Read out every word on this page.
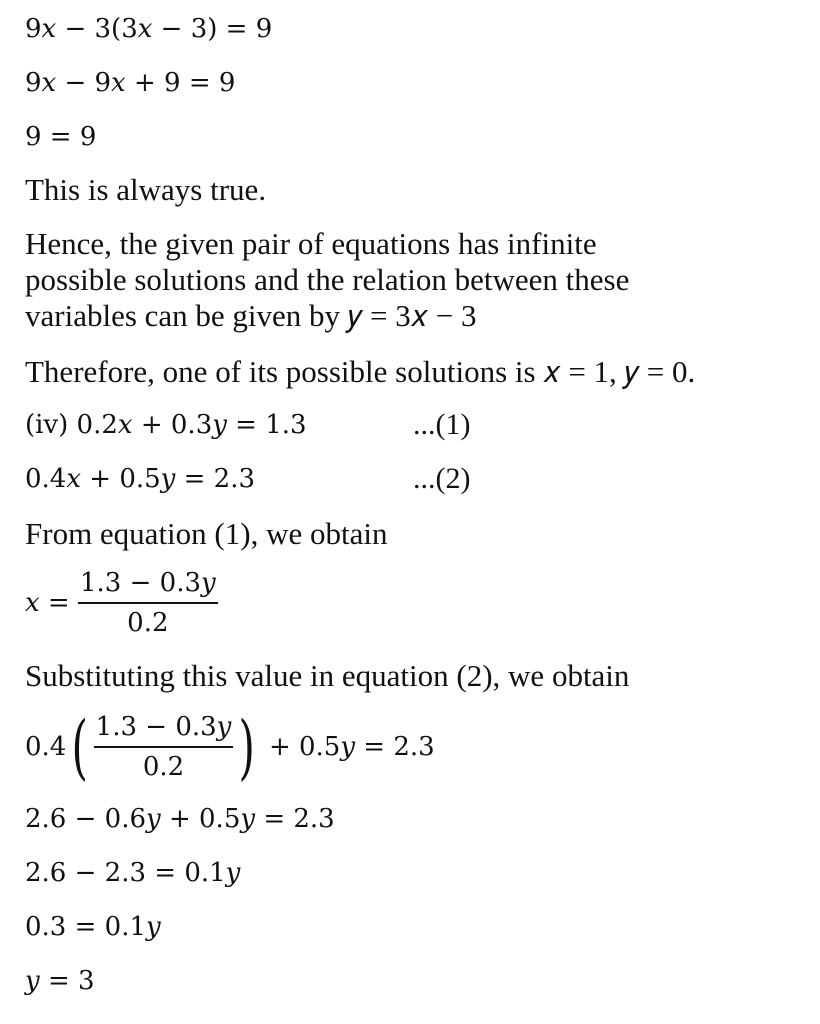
9𝑥 − 3(3𝑥 − 3) = 9
9𝑥 − 9𝑥 + 9 = 9
9 = 9
This is always true.
Hence, the given pair of equations has infinite
possible solutions and the relation between these
variables can be given by 𝑦 = 3𝑥 − 3
Therefore, one of its possible solutions is 𝑥 = 1, 𝑦 = 0.
(iv) 0.2𝑥 + 0.3𝑦 = 1.3	...(1)
0.4𝑥 + 0.5𝑦 = 2.3	...(2)
From equation (1), we obtain
𝑥 = $\frac{\text{1.3 − 0.3𝑦}}{0.2}$
Substituting this value in equation (2), we obtain
$0.4( \frac{\text{1.3 − 0.3𝑦}}{0.2}$ ) + 0.5𝑦 = 2.3
2.6 − 0.6𝑦 + 0.5𝑦 = 2.3
2.6 − 2.3 = 0.1𝑦
0.3 = 0.1𝑦
𝑦 = 3
